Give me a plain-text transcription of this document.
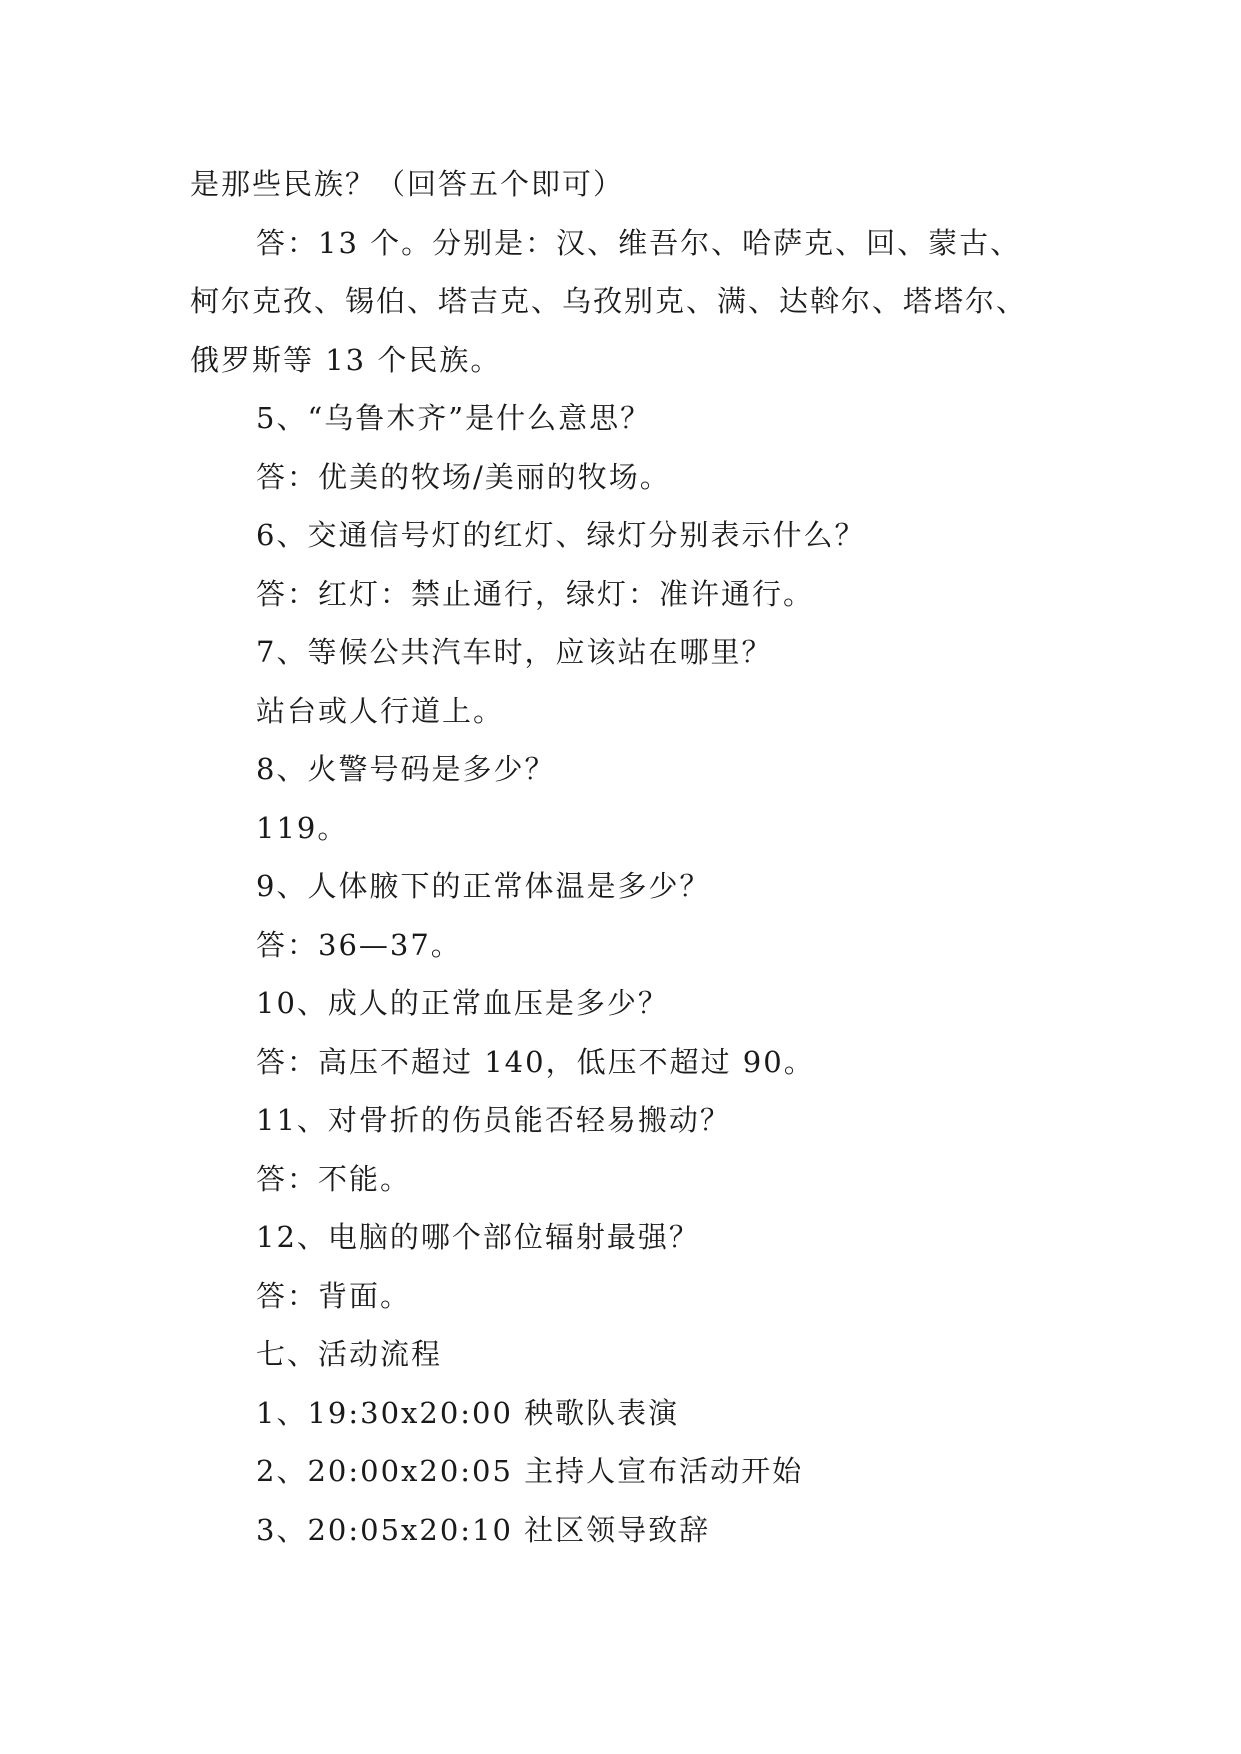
是那些民族？（回答五个即可）
答：13 个。分别是：汉、维吾尔、哈萨克、回、蒙古、
柯尔克孜、锡伯、塔吉克、乌孜别克、满、达斡尔、塔塔尔、
俄罗斯等 13 个民族。
5、“乌鲁木齐”是什么意思？
答：优美的牧场/美丽的牧场。
6、交通信号灯的红灯、绿灯分别表示什么？
答：红灯：禁止通行，绿灯：准许通行。
7、等候公共汽车时，应该站在哪里？
站台或人行道上。
8、火警号码是多少？
119。
9、人体腋下的正常体温是多少？
答：36—37。
10、成人的正常血压是多少？
答：高压不超过 140，低压不超过 90。
11、对骨折的伤员能否轻易搬动？
答：不能。
12、电脑的哪个部位辐射最强？
答：背面。
七、活动流程
1、19:30x20:00 秧歌队表演
2、20:00x20:05 主持人宣布活动开始
3、20:05x20:10 社区领导致辞
